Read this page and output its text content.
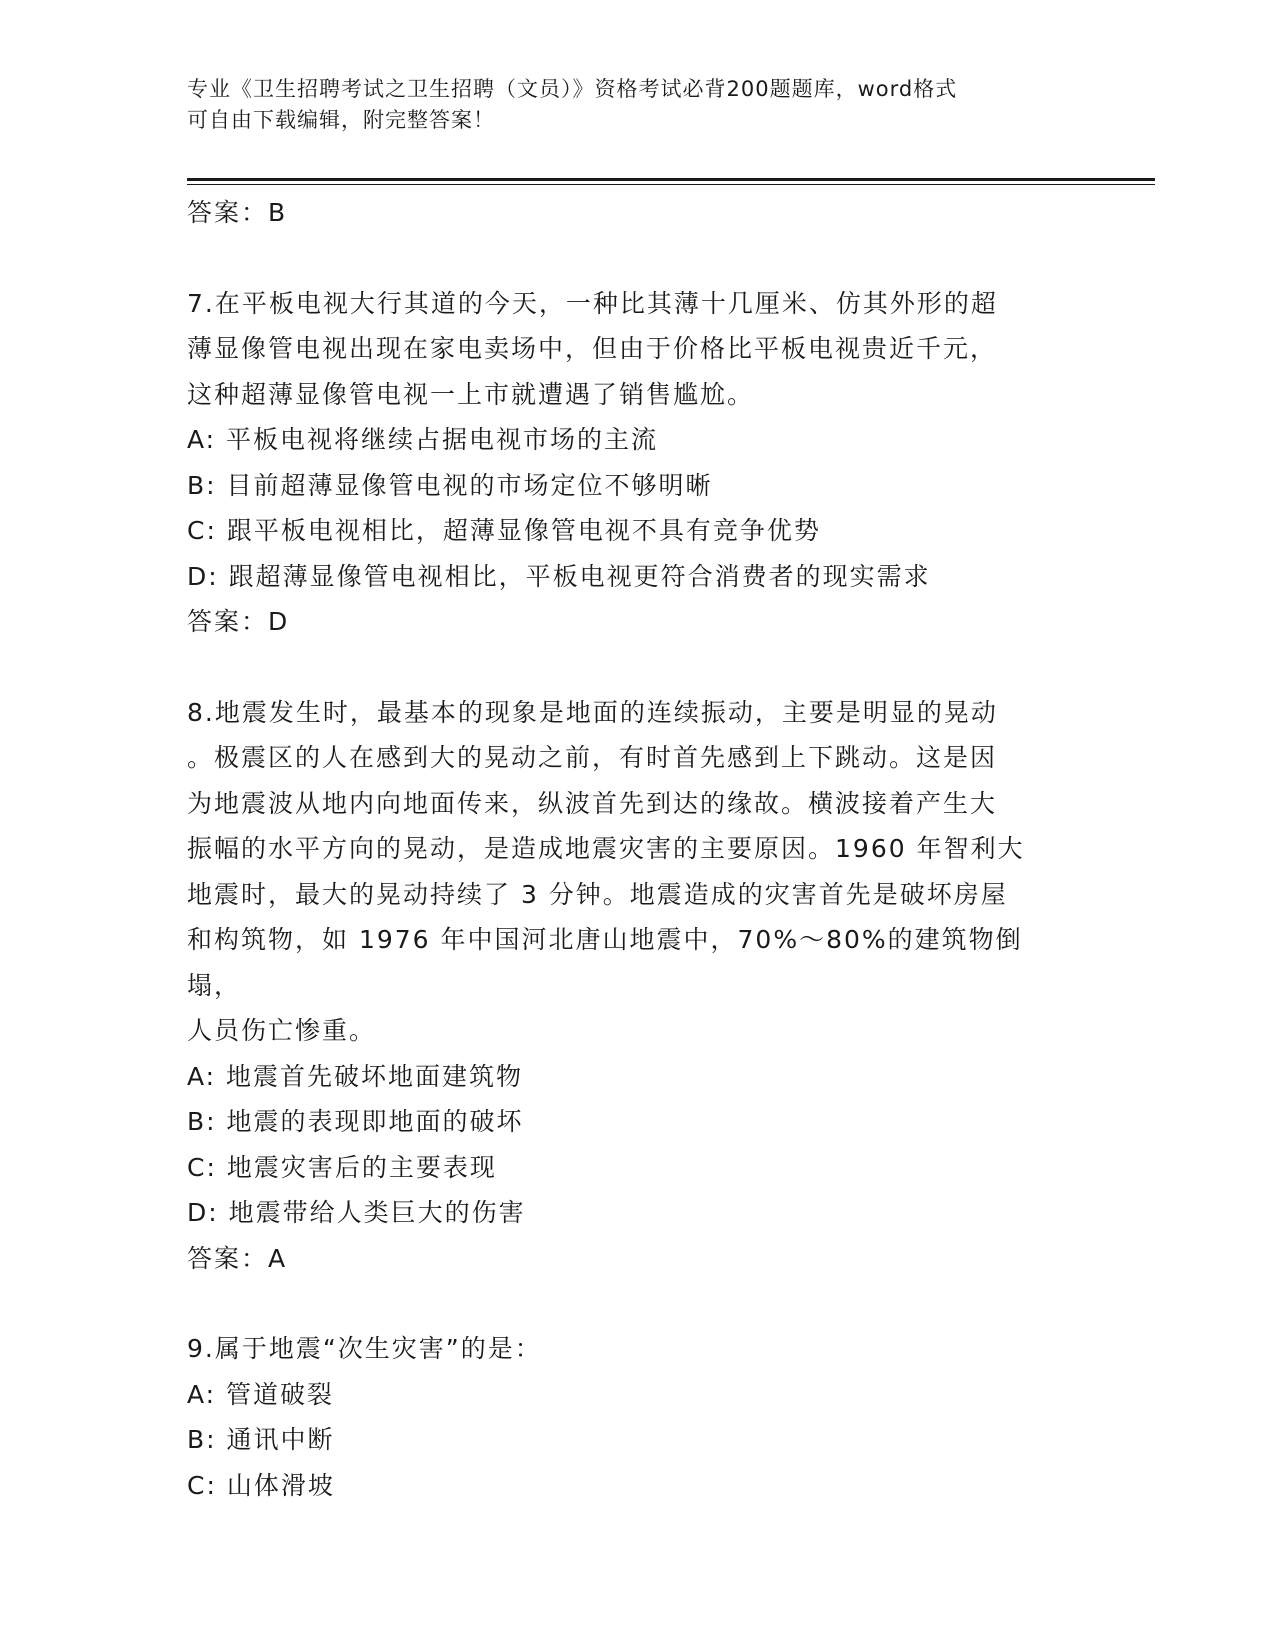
专业《卫生招聘考试之卫生招聘（文员）》资格考试必背200题题库，word格式

可自由下载编辑，附完整答案！

答案：B

7.在平板电视大行其道的今天，一种比其薄十几厘米、仿其外形的超

薄显像管电视出现在家电卖场中，但由于价格比平板电视贵近千元，

这种超薄显像管电视一上市就遭遇了销售尴尬。

A: 平板电视将继续占据电视市场的主流

B: 目前超薄显像管电视的市场定位不够明晰

C: 跟平板电视相比，超薄显像管电视不具有竞争优势

D: 跟超薄显像管电视相比，平板电视更符合消费者的现实需求

答案：D

8.地震发生时，最基本的现象是地面的连续振动，主要是明显的晃动

。极震区的人在感到大的晃动之前，有时首先感到上下跳动。这是因

为地震波从地内向地面传来，纵波首先到达的缘故。横波接着产生大

振幅的水平方向的晃动，是造成地震灾害的主要原因。1960 年智利大

地震时，最大的晃动持续了 3 分钟。地震造成的灾害首先是破坏房屋

和构筑物，如 1976 年中国河北唐山地震中，70%～80%的建筑物倒塌，

人员伤亡惨重。

A: 地震首先破坏地面建筑物

B: 地震的表现即地面的破坏

C: 地震灾害后的主要表现

D: 地震带给人类巨大的伤害

答案：A

9.属于地震“次生灾害”的是：

A: 管道破裂

B: 通讯中断

C: 山体滑坡
